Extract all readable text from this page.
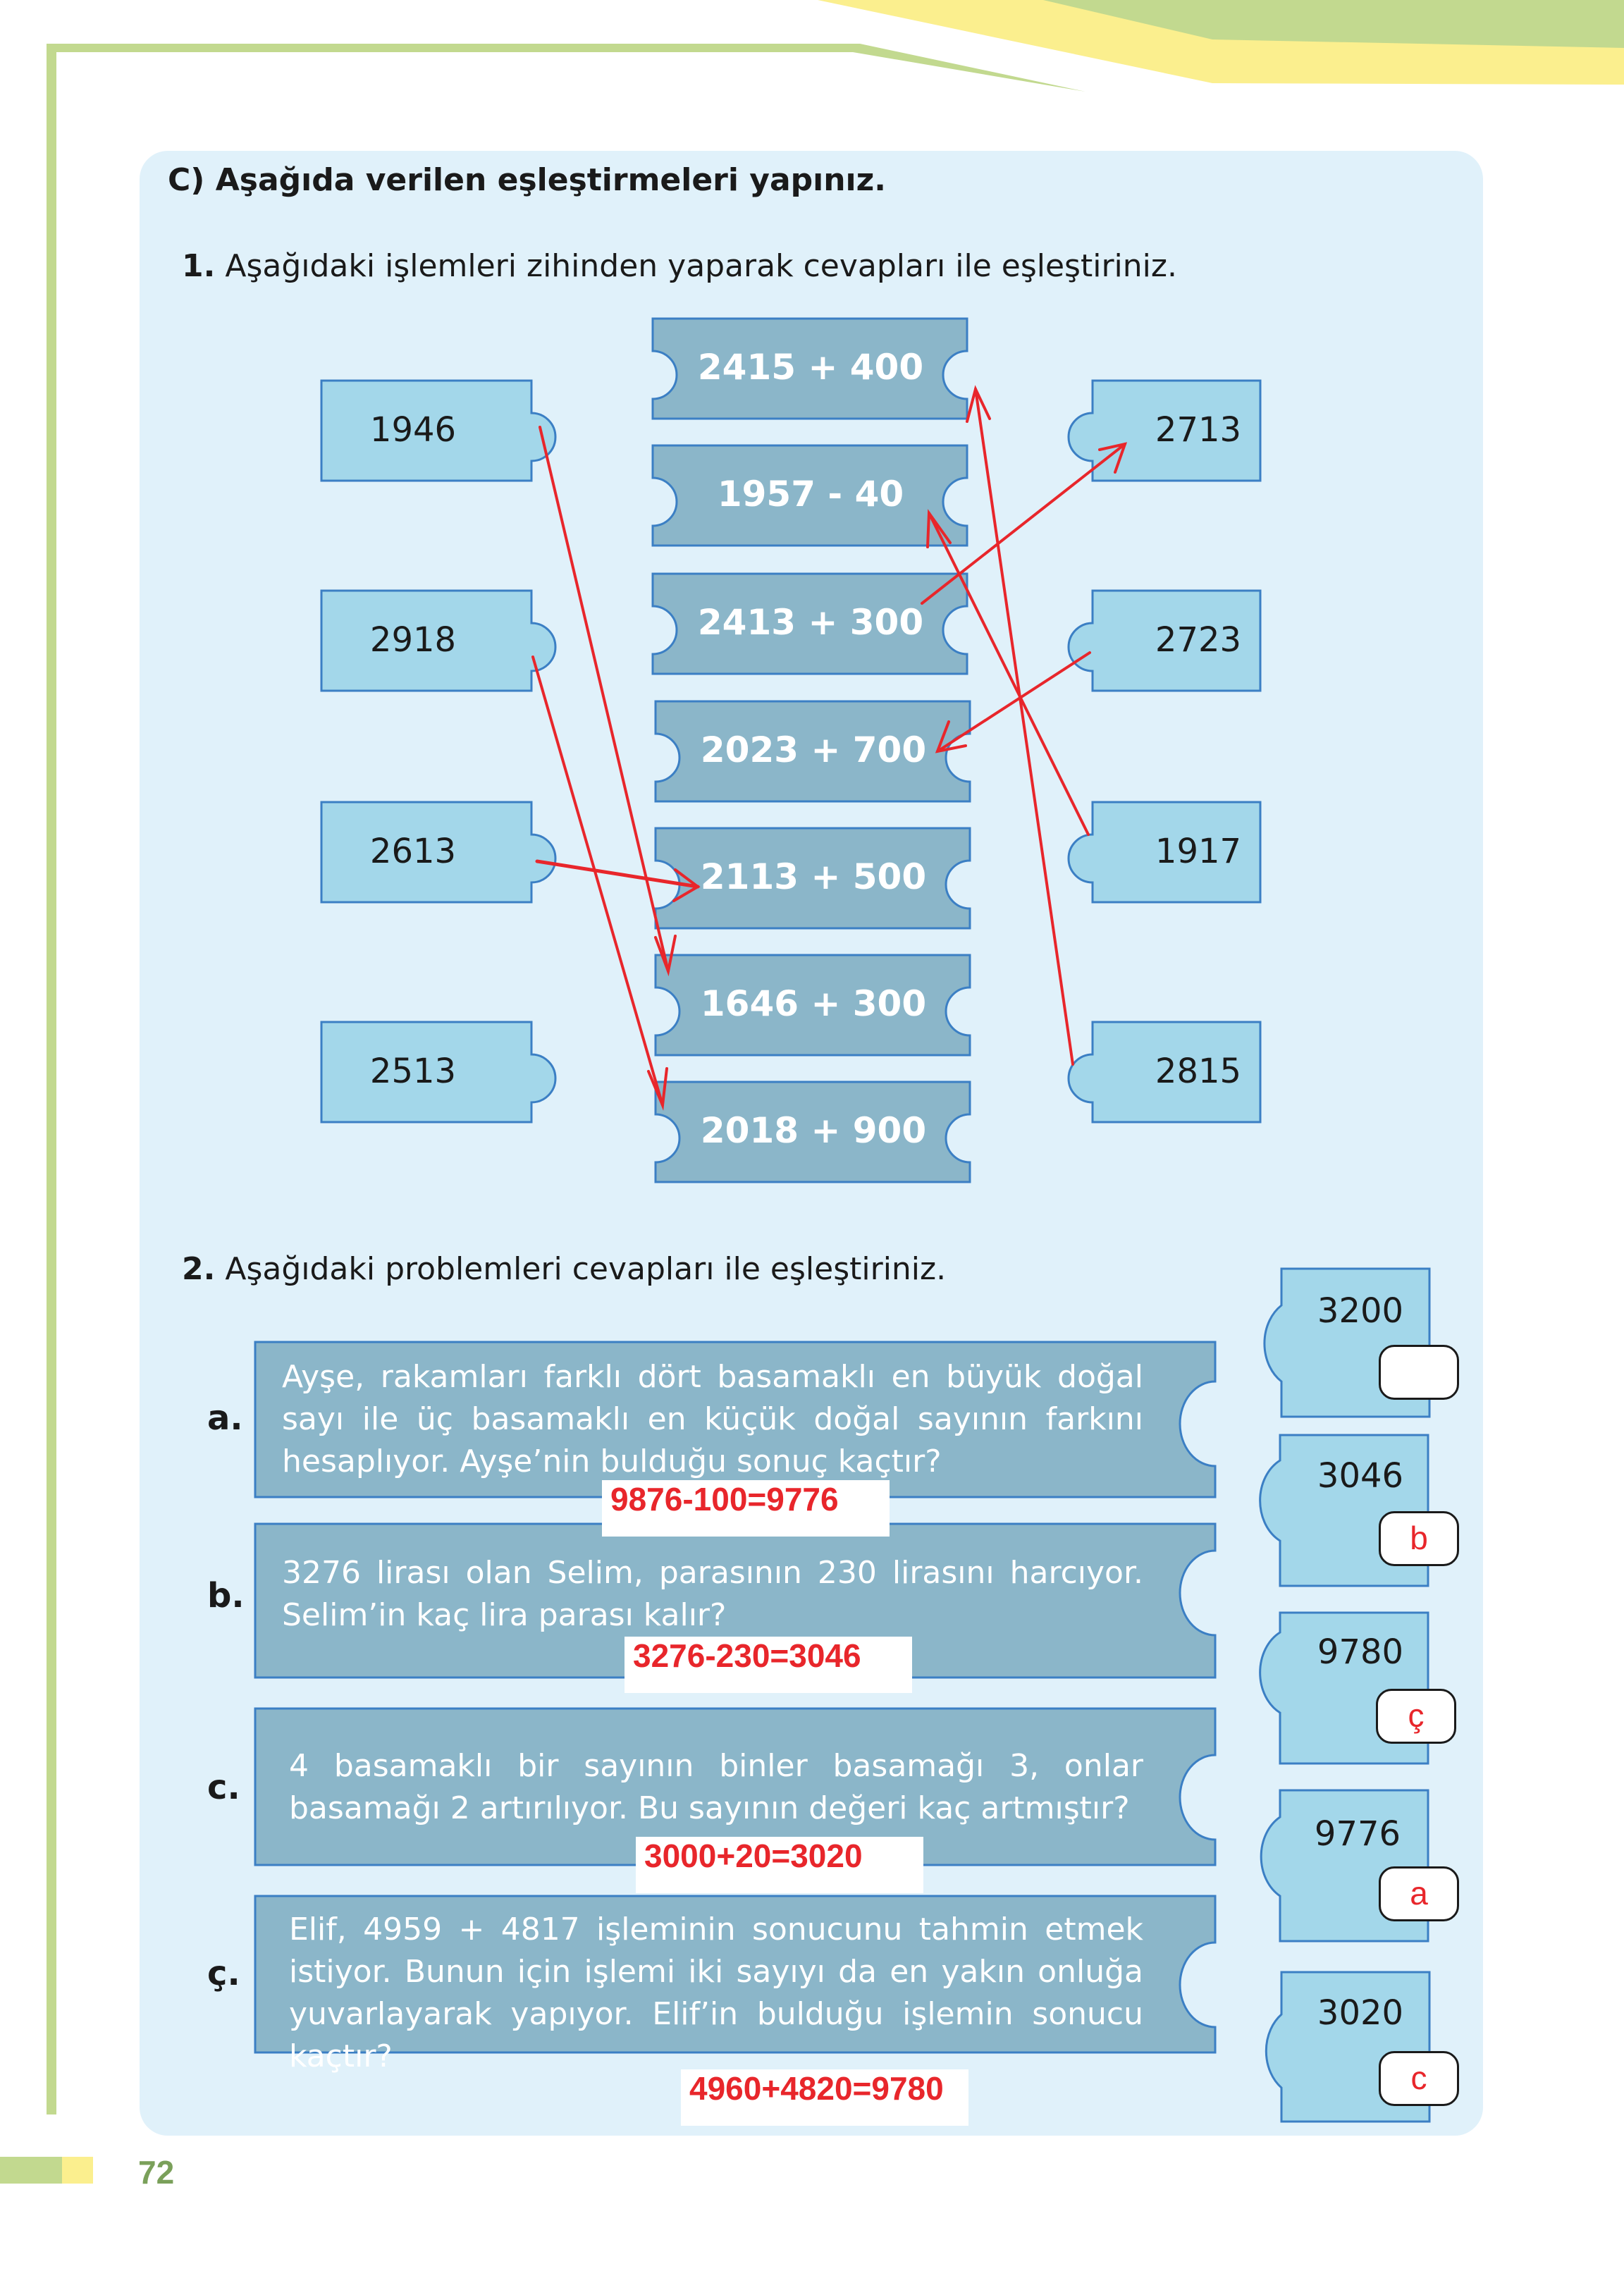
C) Aşağıda verilen eşleştirmeleri yapınız.
1. Aşağıdaki işlemleri zihinden yaparak cevapları ile eşleştiriniz.
1946
2918
2613
2513
2415 + 400
1957 - 40
2413 + 300
2023 + 700
2113 + 500
1646 + 300
2018 + 900
2713
2723
1917
2815
2. Aşağıdaki problemleri cevapları ile eşleştiriniz.
a.
Ayşe, rakamları farklı dört basamaklı en büyük doğal sayı ile üç basamaklı en küçük doğal sayının farkını hesaplıyor. Ayşe’nin bulduğu sonuç kaçtır?
9876-100=9776
b.
3276 lirası olan Selim, parasının 230 lirasını harcıyor. Selim’in kaç lira parası kalır?
3276-230=3046
c.
4 basamaklı bir sayının binler basamağı 3, onlar basamağı 2 artırılıyor. Bu sayının değeri kaç artmıştır?
3000+20=3020
ç.
Elif, 4959 + 4817 işleminin sonucunu tahmin etmek istiyor. Bunun için işlemi iki sayıyı da en yakın onluğa yuvarlayarak yapıyor. Elif’in bulduğu işlemin sonucu kaçtır?
4960+4820=9780
3200
3046
b
9780
ç
9776
a
3020
c
72
